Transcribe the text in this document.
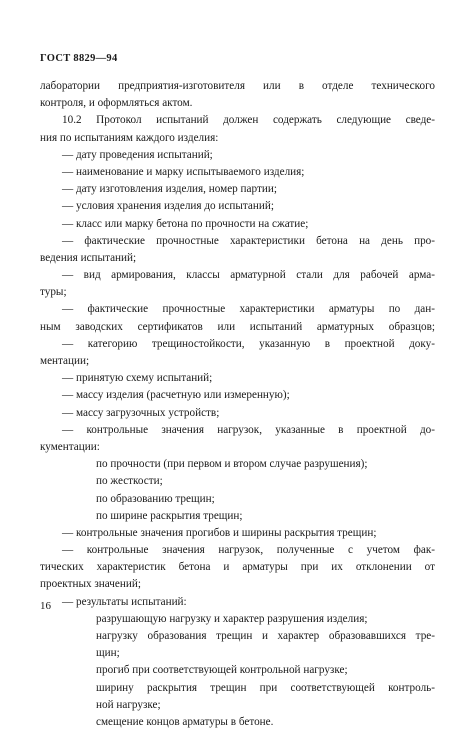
ГОСТ 8829—94
лаборатории предприятия-изготовителя или в отделе технического
контроля, и оформляться актом.
10.2 Протокол испытаний должен содержать следующие сведе-
ния по испытаниям каждого изделия:
— дату проведения испытаний;
— наименование и марку испытываемого изделия;
— дату изготовления изделия, номер партии;
— условия хранения изделия до испытаний;
— класс или марку бетона по прочности на сжатие;
— фактические прочностные характеристики бетона на день про-
ведения испытаний;
— вид армирования, классы арматурной стали для рабочей арма-
туры;
— фактические прочностные характеристики арматуры по дан-
ным заводских сертификатов или испытаний арматурных образцов;
— категорию трещиностойкости, указанную в проектной доку-
ментации;
— принятую схему испытаний;
— массу изделия (расчетную или измеренную);
— массу загрузочных устройств;
— контрольные значения нагрузок, указанные в проектной до-
кументации:
по прочности (при первом и втором случае разрушения);
по жесткости;
по образованию трещин;
по ширине раскрытия трещин;
— контрольные значения прогибов и ширины раскрытия трещин;
— контрольные значения нагрузок, полученные с учетом фак-
тических характеристик бетона и арматуры при их отклонении от
проектных значений;
— результаты испытаний:
разрушающую нагрузку и характер разрушения изделия;
нагрузку образования трещин и характер образовавшихся тре-
щин;
прогиб при соответствующей контрольной нагрузке;
ширину раскрытия трещин при соответствующей контроль-
ной нагрузке;
смещение концов арматуры в бетоне.
16
